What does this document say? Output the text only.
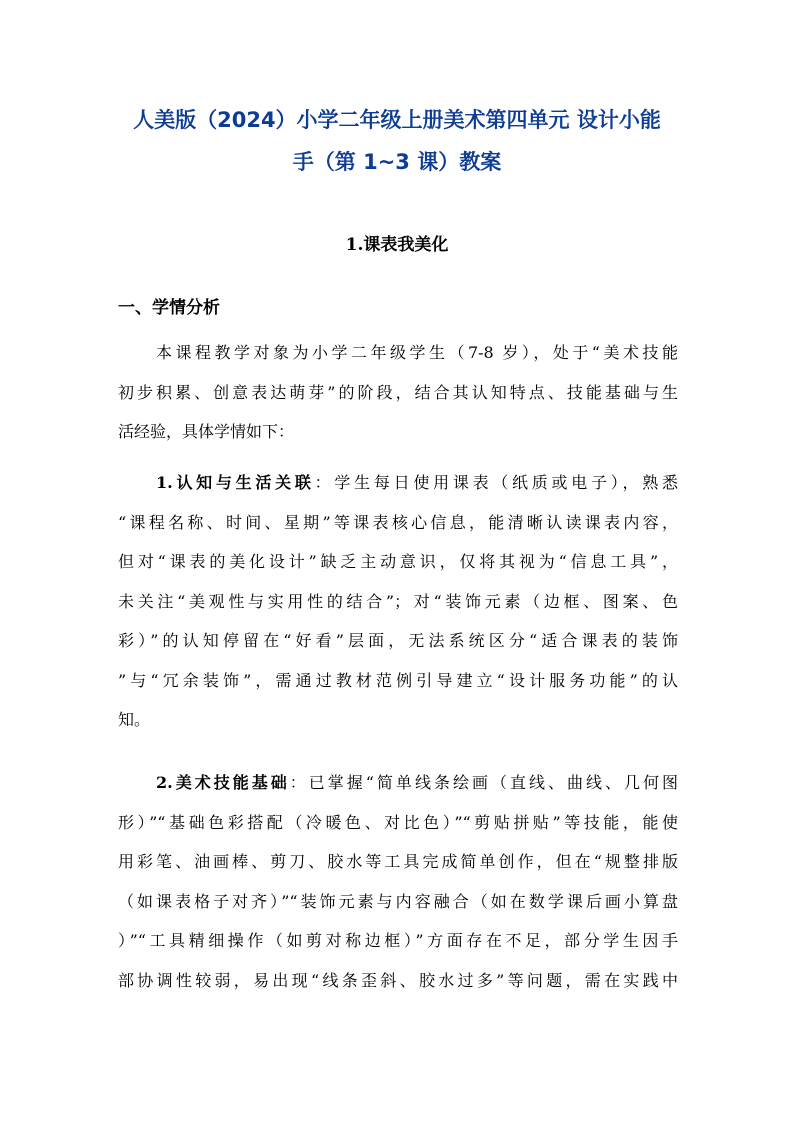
人美版（2024）小学二年级上册美术第四单元 设计小能
手（第 1~3 课）教案
1.课表我美化
一、学情分析

本课程教学对象为小学二年级学生（7-8 岁），处于“美术技能
初步积累、创意表达萌芽”的阶段，结合其认知特点、技能基础与生
活经验，具体学情如下：

1.认知与生活关联：学生每日使用课表（纸质或电子），熟悉
“课程名称、时间、星期”等课表核心信息，能清晰认读课表内容，
但对“课表的美化设计”缺乏主动意识，仅将其视为“信息工具”，
未关注“美观性与实用性的结合”；对“装饰元素（边框、图案、色
彩）”的认知停留在“好看”层面，无法系统区分“适合课表的装饰
”与“冗余装饰”，需通过教材范例引导建立“设计服务功能”的认
知。

2.美术技能基础：已掌握“简单线条绘画（直线、曲线、几何图
形）”“基础色彩搭配（冷暖色、对比色）”“剪贴拼贴”等技能，能使
用彩笔、油画棒、剪刀、胶水等工具完成简单创作，但在“规整排版
（如课表格子对齐）”“装饰元素与内容融合（如在数学课后画小算盘
）”“工具精细操作（如剪对称边框）”方面存在不足，部分学生因手
部协调性较弱，易出现“线条歪斜、胶水过多”等问题，需在实践中
